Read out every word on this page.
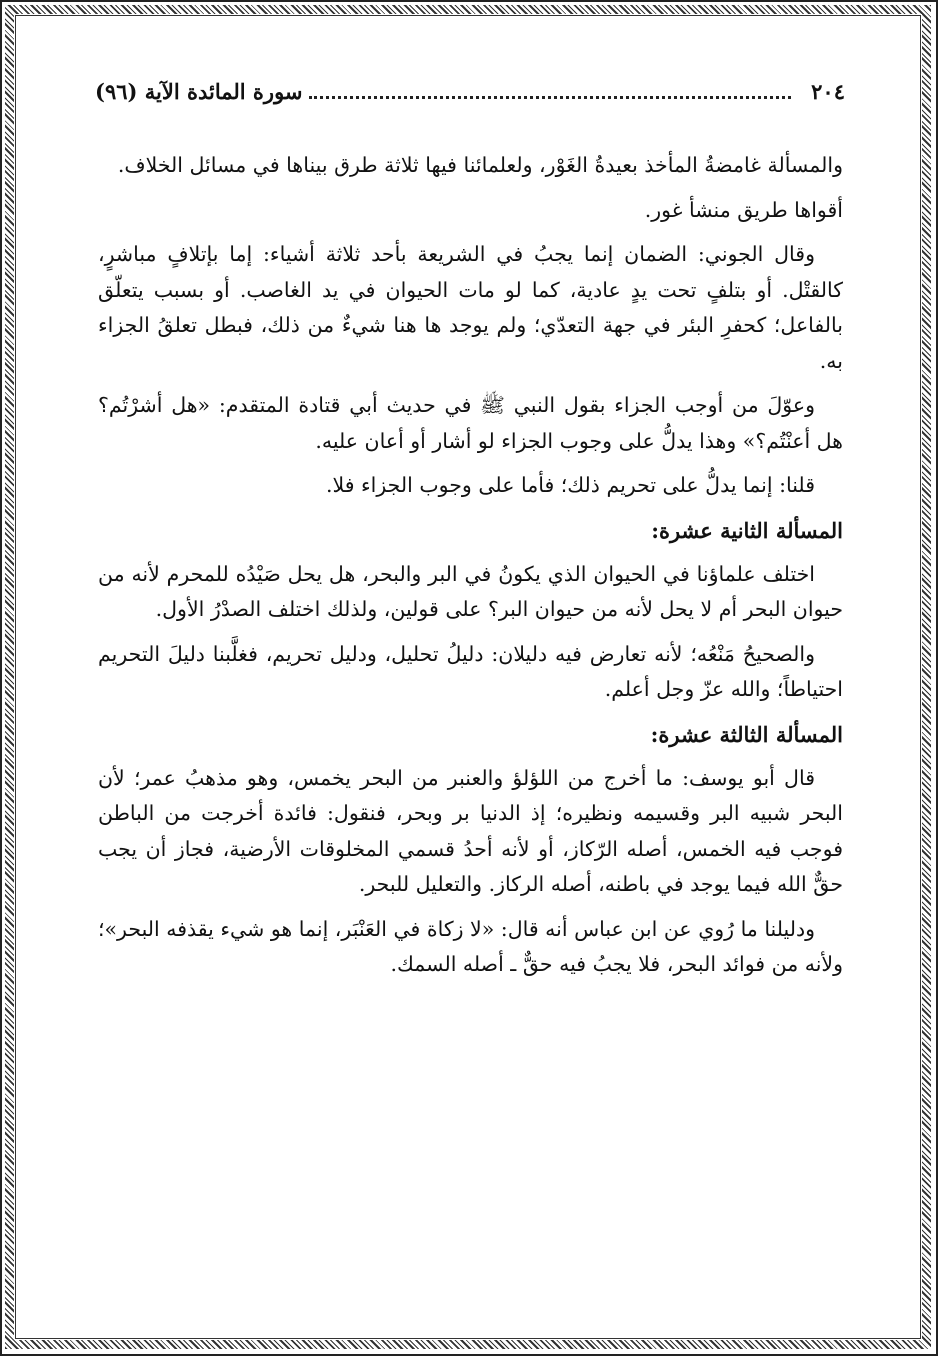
٢٠٤
سورة المائدة الآية (٩٦)

والمسألة غامضةُ المأخذ بعيدةُ الغَوْر، ولعلمائنا فيها ثلاثة طرق بيناها في مسائل الخلاف.

أقواها طريق منشأ غور.

وقال الجوني: الضمان إنما يجبُ في الشريعة بأحد ثلاثة أشياء: إما بإتلافٍ مباشرٍ، كالقتْل. أو بتلفٍ تحت يدٍ عادية، كما لو مات الحيوان في يد الغاصب. أو بسبب يتعلّق بالفاعل؛ كحفرِ البئر في جهة التعدّي؛ ولم يوجد ها هنا شيءٌ من ذلك، فبطل تعلقُ الجزاء به.

وعوّلَ من أوجب الجزاء بقول النبي ﷺ في حديث أبي قتادة المتقدم: «هل أشرْتُم؟ هل أعنْتُم؟» وهذا يدلُّ على وجوب الجزاء لو أشار أو أعان عليه.

قلنا: إنما يدلُّ على تحريم ذلك؛ فأما على وجوب الجزاء فلا.

المسألة الثانية عشرة:

اختلف علماؤنا في الحيوان الذي يكونُ في البر والبحر، هل يحل صَيْدُه للمحرم لأنه من حيوان البحر أم لا يحل لأنه من حيوان البر؟ على قولين، ولذلك اختلف الصدْرُ الأول.

والصحيحُ مَنْعُه؛ لأنه تعارض فيه دليلان: دليلُ تحليل، ودليل تحريم، فغلَّبنا دليلَ التحريم احتياطاً؛ والله عزّ وجل أعلم.

المسألة الثالثة عشرة:

قال أبو يوسف: ما أخرج من اللؤلؤ والعنبر من البحر يخمس، وهو مذهبُ عمر؛ لأن البحر شبيه البر وقسيمه ونظيره؛ إذ الدنيا بر وبحر، فنقول: فائدة أخرجت من الباطن فوجب فيه الخمس، أصله الرّكاز، أو لأنه أحدُ قسمي المخلوقات الأرضية، فجاز أن يجب حقٌّ الله فيما يوجد في باطنه، أصله الركاز. والتعليل للبحر.

ودليلنا ما رُوي عن ابن عباس أنه قال: «لا زكاة في العَنْبَر، إنما هو شيء يقذفه البحر»؛ ولأنه من فوائد البحر، فلا يجبُ فيه حقٌّ ـ أصله السمك.
